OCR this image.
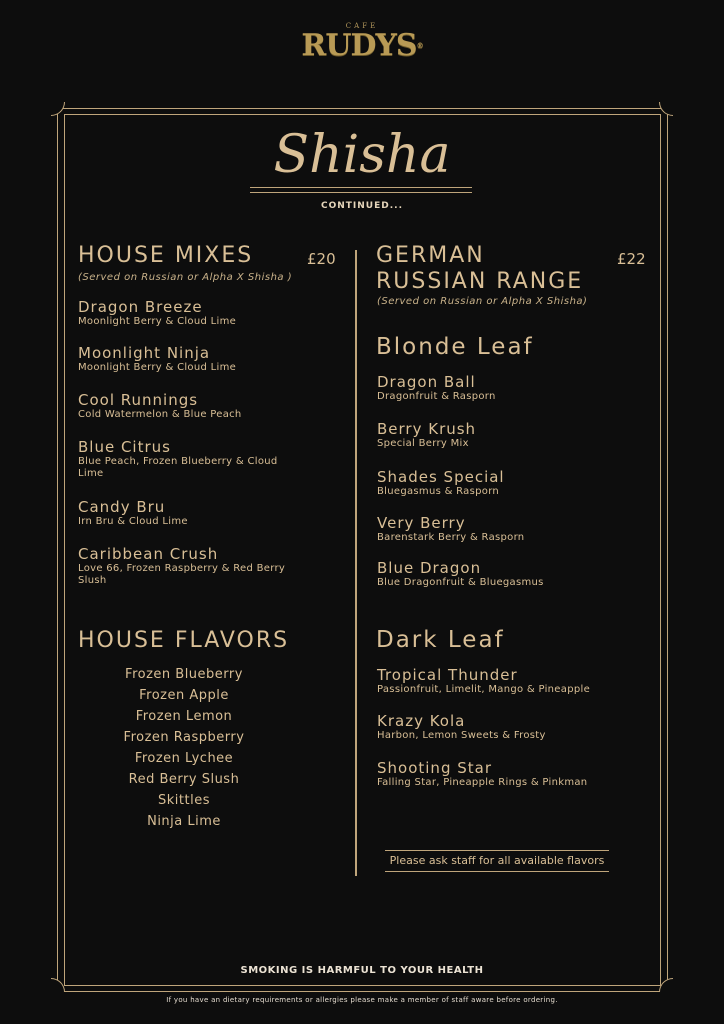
CAFE
RUDYS®
Shisha
CONTINUED...
HOUSE MIXES	£20
(Served on Russian or Alpha X Shisha )
Dragon Breeze
Moonlight Berry & Cloud Lime
Moonlight Ninja
Moonlight Berry & Cloud Lime
Cool Runnings
Cold Watermelon & Blue Peach
Blue Citrus
Blue Peach, Frozen Blueberry & Cloud Lime
Candy Bru
Irn Bru & Cloud Lime
Caribbean Crush
Love 66, Frozen Raspberry & Red Berry Slush
HOUSE FLAVORS
Frozen Blueberry
Frozen Apple
Frozen Lemon
Frozen Raspberry
Frozen Lychee
Red Berry Slush
Skittles
Ninja Lime
GERMAN
RUSSIAN RANGE
£22
(Served on Russian or Alpha X Shisha)
Blonde Leaf
Dragon Ball
Dragonfruit & Rasporn
Berry Krush
Special Berry Mix
Shades Special
Bluegasmus & Rasporn
Very Berry
Barenstark Berry & Rasporn
Blue Dragon
Blue Dragonfruit & Bluegasmus
Dark Leaf
Tropical Thunder
Passionfruit, Limelit, Mango & Pineapple
Krazy Kola
Harbon, Lemon Sweets & Frosty
Shooting Star
Falling Star, Pineapple Rings & Pinkman
Please ask staff for all available flavors
SMOKING IS HARMFUL TO YOUR HEALTH
If you have an dietary requirements or allergies please make a member of staff aware before ordering.
